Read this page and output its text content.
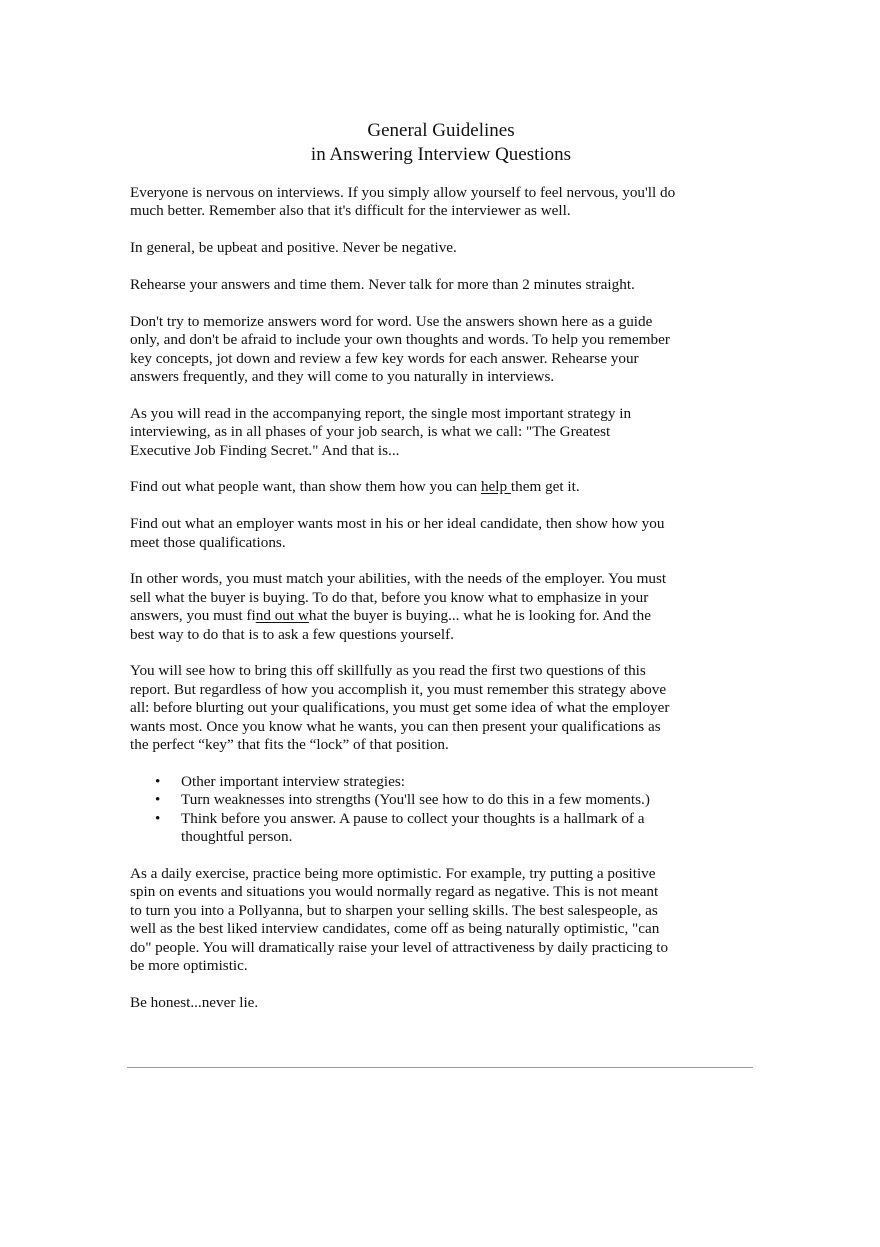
General Guidelines
in Answering Interview Questions

Everyone is nervous on interviews. If you simply allow yourself to feel nervous, you'll do
much better. Remember also that it's difficult for the interviewer as well.

In general, be upbeat and positive. Never be negative.

Rehearse your answers and time them. Never talk for more than 2 minutes straight.

Don't try to memorize answers word for word. Use the answers shown here as a guide
only, and don't be afraid to include your own thoughts and words. To help you remember
key concepts, jot down and review a few key words for each answer. Rehearse your
answers frequently, and they will come to you naturally in interviews.

As you will read in the accompanying report, the single most important strategy in
interviewing, as in all phases of your job search, is what we call: "The Greatest
Executive Job Finding Secret." And that is...

Find out what people want, than show them how you can help them get it.

Find out what an employer wants most in his or her ideal candidate, then show how you
meet those qualifications.

In other words, you must match your abilities, with the needs of the employer. You must
sell what the buyer is buying. To do that, before you know what to emphasize in your
answers, you must find out what the buyer is buying... what he is looking for. And the
best way to do that is to ask a few questions yourself.

You will see how to bring this off skillfully as you read the first two questions of this
report. But regardless of how you accomplish it, you must remember this strategy above
all: before blurting out your qualifications, you must get some idea of what the employer
wants most. Once you know what he wants, you can then present your qualifications as
the perfect “key” that fits the “lock” of that position.

• Other important interview strategies:
• Turn weaknesses into strengths (You'll see how to do this in a few moments.)
• Think before you answer. A pause to collect your thoughts is a hallmark of a
thoughtful person.

As a daily exercise, practice being more optimistic. For example, try putting a positive
spin on events and situations you would normally regard as negative. This is not meant
to turn you into a Pollyanna, but to sharpen your selling skills. The best salespeople, as
well as the best liked interview candidates, come off as being naturally optimistic, "can
do" people. You will dramatically raise your level of attractiveness by daily practicing to
be more optimistic.

Be honest...never lie.
